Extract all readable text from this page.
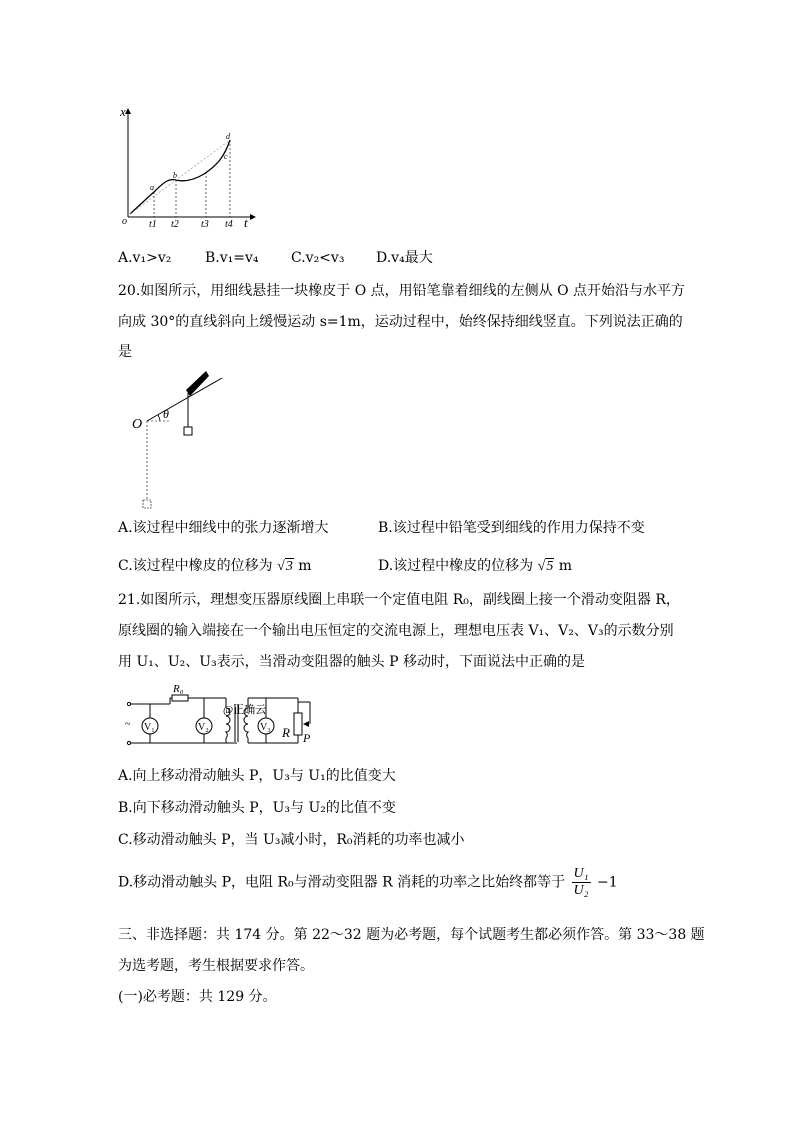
x
t
o
a
b
c
d
t1 t2 t3 t4
A.v₁>v₂ B.v₁=v₄ C.v₂<v₃ D.v₄最大
20.如图所示，用细线悬挂一块橡皮于 O 点，用铅笔靠着细线的左侧从 O 点开始沿与水平方
向成 30°的直线斜向上缓慢运动 s=1m，运动过程中，始终保持细线竖直。下列说法正确的
是
θ
O
A.该过程中细线中的张力逐渐增大	B.该过程中铅笔受到细线的作用力保持不变
C.该过程中橡皮的位移为 √3 m	D.该过程中橡皮的位移为 √5 m
21.如图所示，理想变压器原线圈上串联一个定值电阻 R₀，副线圈上接一个滑动变阻器 R，
原线圈的输入端接在一个输出电压恒定的交流电源上，理想电压表 V₁、V₂、V₃的示数分别
用 U₁、U₂、U₃表示，当滑动变阻器的触头 P 移动时，下面说法中正确的是
~
R₀
V₁	V₂	V₃ R P
@正确云
A.向上移动滑动触头 P，U₃与 U₁的比值变大
B.向下移动滑动触头 P，U₃与 U₂的比值不变
C.移动滑动触头 P，当 U₃减小时，R₀消耗的功率也减小
D.移动滑动触头 P，电阻 R₀与滑动变阻器 R 消耗的功率之比始终都等于 $\frac{\text{U₁}}{\text{U₂}} -1$
三、非选择题：共 174 分。第 22～32 题为必考题，每个试题考生都必须作答。第 33～38 题
为选考题，考生根据要求作答。
(一)必考题：共 129 分。
